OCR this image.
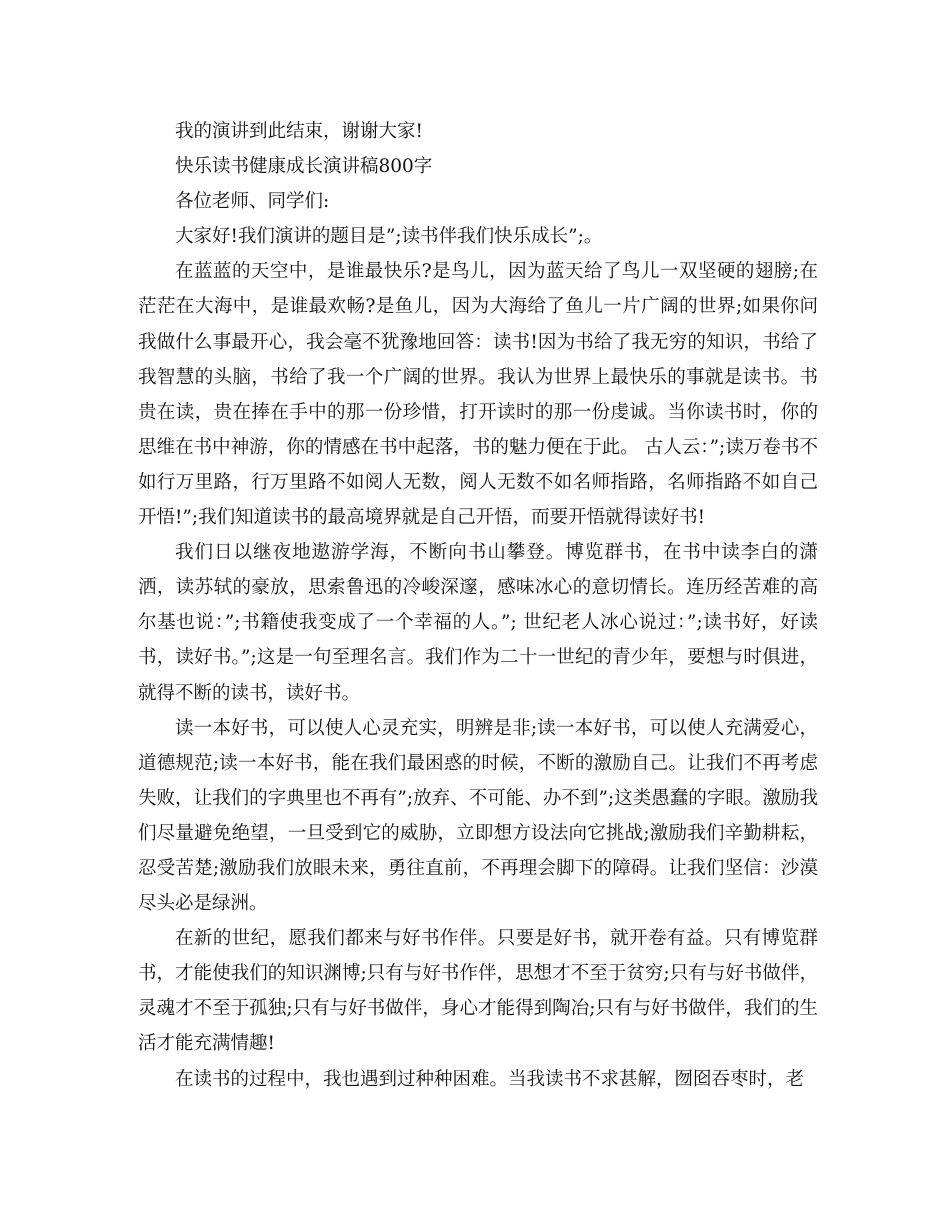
我的演讲到此结束，谢谢大家!

快乐读书健康成长演讲稿800字

各位老师、同学们:

大家好!我们演讲的题目是”;读书伴我们快乐成长”;。

在蓝蓝的天空中，是谁最快乐?是鸟儿，因为蓝天给了鸟儿一双坚硬的翅膀;在茫茫在大海中，是谁最欢畅?是鱼儿，因为大海给了鱼儿一片广阔的世界;如果你问我做什么事最开心，我会毫不犹豫地回答：读书!因为书给了我无穷的知识，书给了我智慧的头脑，书给了我一个广阔的世界。我认为世界上最快乐的事就是读书。书贵在读，贵在捧在手中的那一份珍惜，打开读时的那一份虔诚。当你读书时，你的思维在书中神游，你的情感在书中起落，书的魅力便在于此。 古人云：”;读万卷书不如行万里路，行万里路不如阅人无数，阅人无数不如名师指路，名师指路不如自己开悟!”;我们知道读书的最高境界就是自己开悟，而要开悟就得读好书!

我们日以继夜地遨游学海，不断向书山攀登。博览群书，在书中读李白的潇洒，读苏轼的豪放，思索鲁迅的冷峻深邃，感味冰心的意切情长。连历经苦难的高尔基也说：”;书籍使我变成了一个幸福的人。”; 世纪老人冰心说过：”;读书好，好读书，读好书。”;这是一句至理名言。我们作为二十一世纪的青少年，要想与时俱进，就得不断的读书，读好书。

读一本好书，可以使人心灵充实，明辨是非;读一本好书，可以使人充满爱心，道德规范;读一本好书，能在我们最困惑的时候，不断的激励自己。让我们不再考虑失败，让我们的字典里也不再有”;放弃、不可能、办不到”;这类愚蠢的字眼。激励我们尽量避免绝望，一旦受到它的威胁，立即想方设法向它挑战;激励我们辛勤耕耘，忍受苦楚;激励我们放眼未来，勇往直前，不再理会脚下的障碍。让我们坚信：沙漠尽头必是绿洲。

在新的世纪，愿我们都来与好书作伴。只要是好书，就开卷有益。只有博览群书，才能使我们的知识渊博;只有与好书作伴，思想才不至于贫穷;只有与好书做伴，灵魂才不至于孤独;只有与好书做伴，身心才能得到陶冶;只有与好书做伴，我们的生活才能充满情趣!

在读书的过程中，我也遇到过种种困难。当我读书不求甚解，囫囵吞枣时，老
